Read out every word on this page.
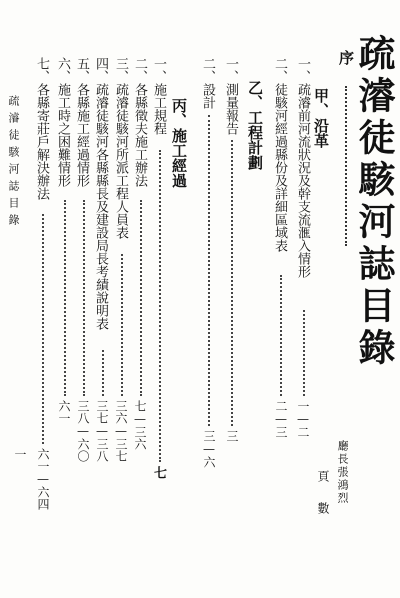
疏濬徒駭河誌目錄
序
廳長張鴻烈
頁數
甲、沿革
乙、工程計劃
丙、施工經過	一、疏濬前河流狀況及幹支流滙入情形
一—二
二、徒駭河經過縣份及詳細區域表
二—三
一、測量報告
三
二、設計
三—六
一、施工規程
七
二、各縣徵夫施工辦法
七—三六
三、疏濬徒駭河所派工程人員表
三六—三七
四、疏濬徒駭河各縣縣長及建設局長考績說明表
三七—三八
五、各縣施工經過情形
三八—六〇
六、施工時之困難情形
六一
七、各縣寄莊戶解決辦法
六一—六四
疏濬徒駭河誌目錄
一
